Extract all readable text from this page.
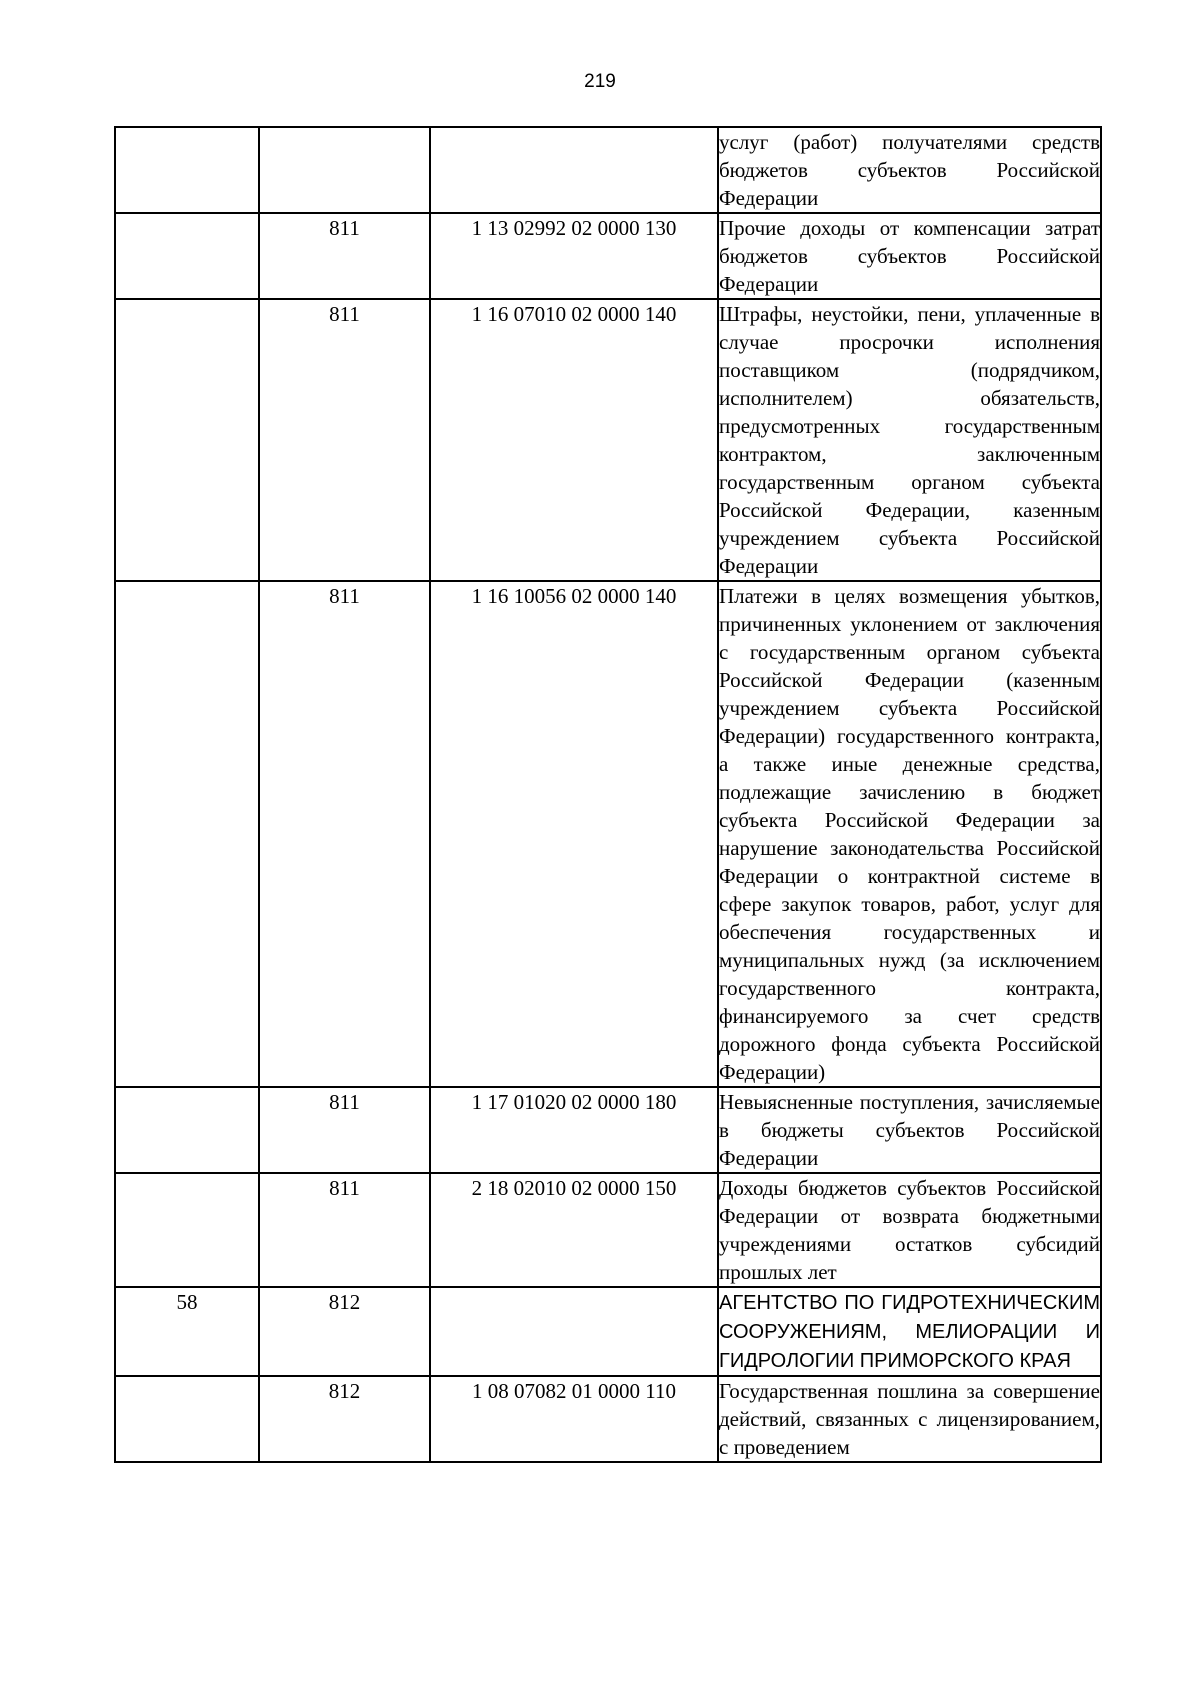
219
			услуг (работ) получателями средств бюджетов субъектов Российской Федерации
	811	1 13 02992 02 0000 130	Прочие доходы от компенсации затрат бюджетов субъектов Российской Федерации
	811	1 16 07010 02 0000 140	Штрафы, неустойки, пени, уплаченные в случае просрочки исполнения поставщиком (подрядчиком, исполнителем) обязательств, предусмотренных государственным контрактом, заключенным государственным органом субъекта Российской Федерации, казенным учреждением субъекта Российской Федерации
	811	1 16 10056 02 0000 140	Платежи в целях возмещения убытков, причиненных уклонением от заключения с государственным органом субъекта Российской Федерации (казенным учреждением субъекта Российской Федерации) государственного контракта, а также иные денежные средства, подлежащие зачислению в бюджет субъекта Российской Федерации за нарушение законодательства Российской Федерации о контрактной системе в сфере закупок товаров, работ, услуг для обеспечения государственных и муниципальных нужд (за исключением государственного контракта, финансируемого за счет средств дорожного фонда субъекта Российской Федерации)
	811	1 17 01020 02 0000 180	Невыясненные поступления, зачисляемые в бюджеты субъектов Российской Федерации
	811	2 18 02010 02 0000 150	Доходы бюджетов субъектов Российской Федерации от возврата бюджетными учреждениями остатков субсидий прошлых лет
58	812		АГЕНТСТВО ПО ГИДРОТЕХНИЧЕСКИМ СООРУЖЕНИЯМ, МЕЛИОРАЦИИ И ГИДРОЛОГИИ ПРИМОРСКОГО КРАЯ
	812	1 08 07082 01 0000 110	Государственная пошлина за совершение действий, связанных с лицензированием, с проведением
